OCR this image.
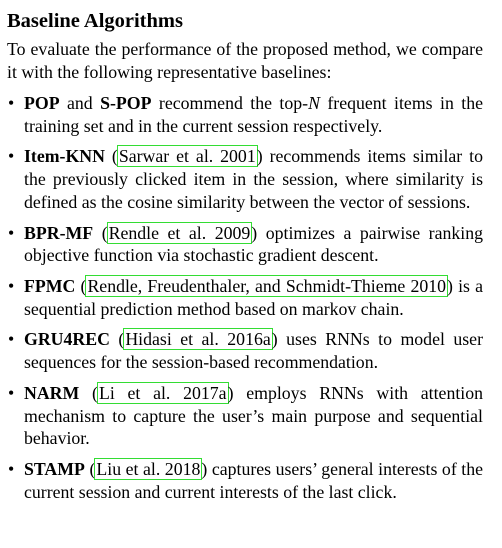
Baseline Algorithms

To evaluate the performance of the proposed method, we compare it with the following representative baselines:

• POP and S-POP recommend the top-N frequent items in the training set and in the current session respectively.
• Item-KNN (Sarwar et al. 2001) recommends items similar to the previously clicked item in the session, where similarity is defined as the cosine similarity between the vector of sessions.
• BPR-MF (Rendle et al. 2009) optimizes a pairwise ranking objective function via stochastic gradient descent.
• FPMC (Rendle, Freudenthaler, and Schmidt-Thieme 2010) is a sequential prediction method based on markov chain.
• GRU4REC (Hidasi et al. 2016a) uses RNNs to model user sequences for the session-based recommendation.
• NARM (Li et al. 2017a) employs RNNs with attention mechanism to capture the user’s main purpose and sequential behavior.
• STAMP (Liu et al. 2018) captures users’ general interests of the current session and current interests of the last click.
